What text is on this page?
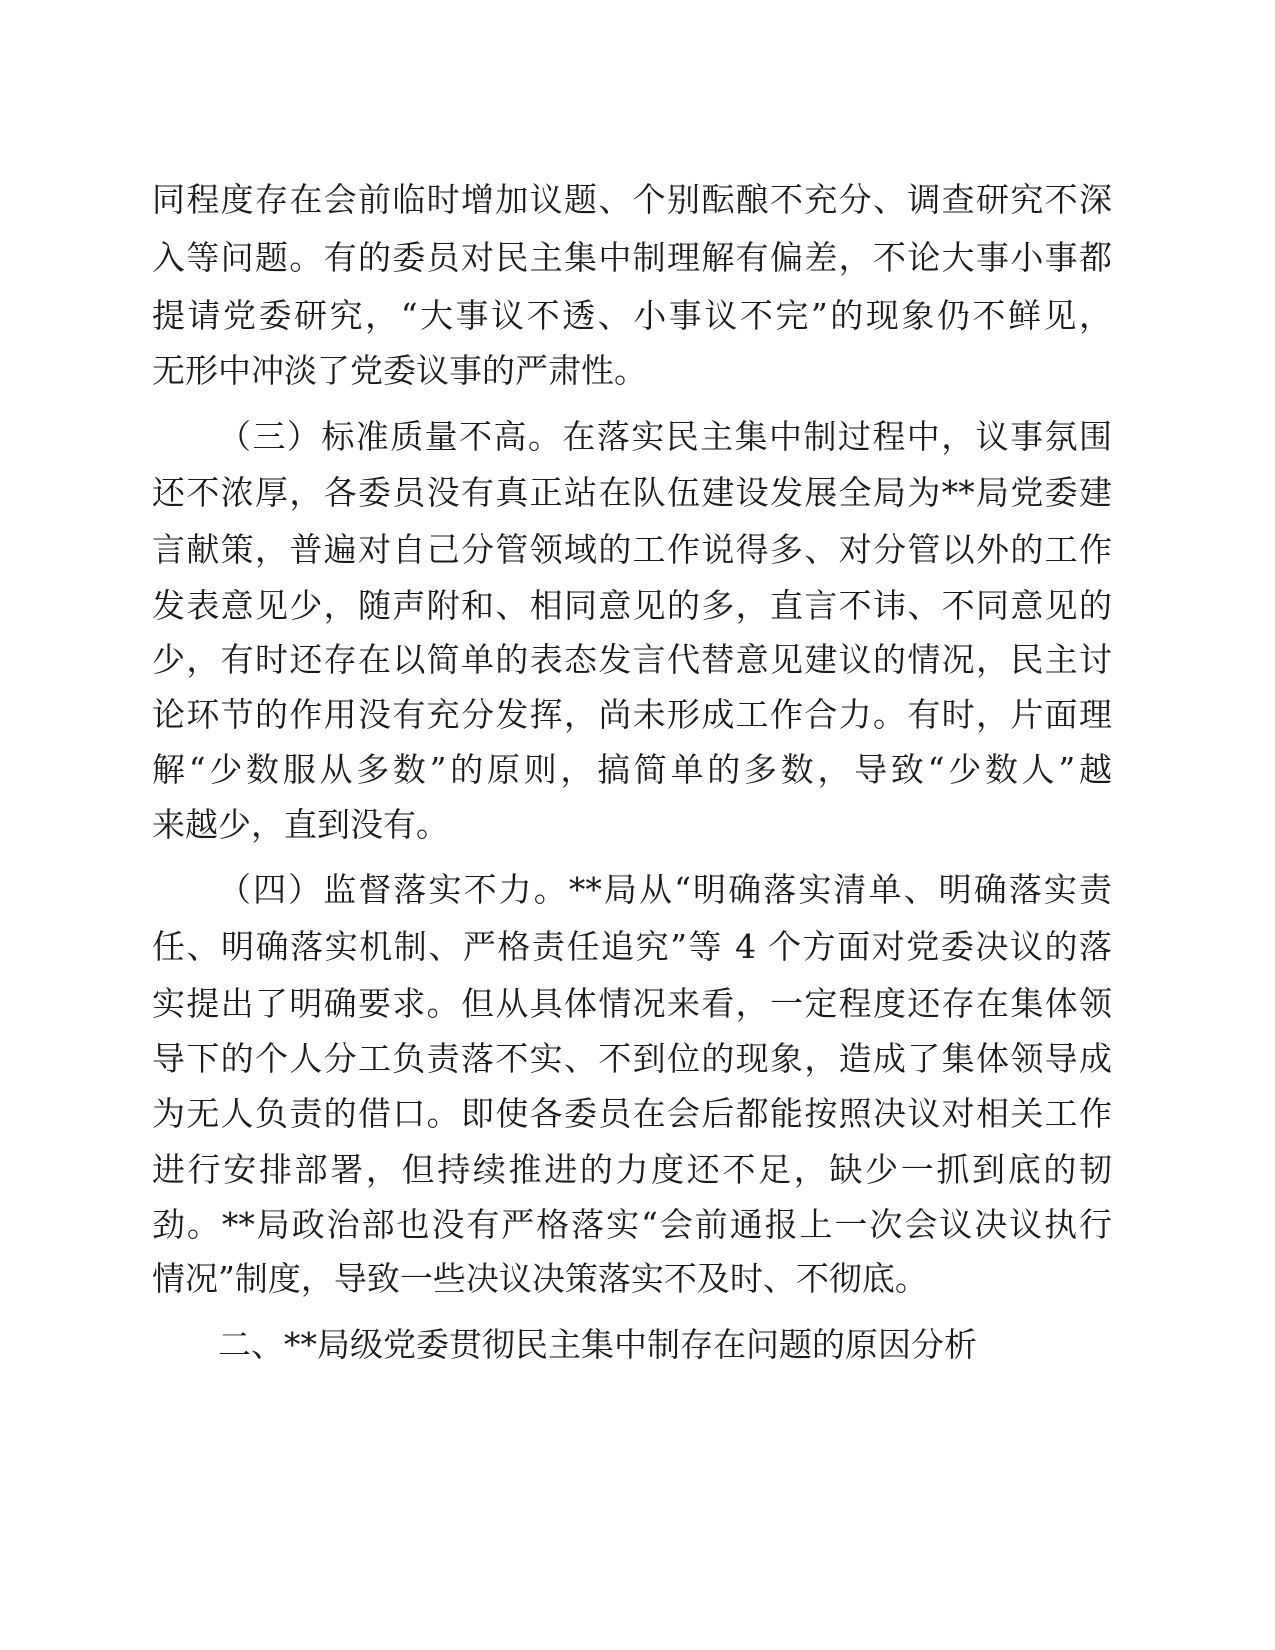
同程度存在会前临时增加议题、个别酝酿不充分、调查研究不深
入等问题。有的委员对民主集中制理解有偏差，不论大事小事都
提请党委研究，“大事议不透、小事议不完”的现象仍不鲜见，
无形中冲淡了党委议事的严肃性。
（三）标准质量不高。在落实民主集中制过程中，议事氛围
还不浓厚，各委员没有真正站在队伍建设发展全局为**局党委建
言献策，普遍对自己分管领域的工作说得多、对分管以外的工作
发表意见少，随声附和、相同意见的多，直言不讳、不同意见的
少，有时还存在以简单的表态发言代替意见建议的情况，民主讨
论环节的作用没有充分发挥，尚未形成工作合力。有时，片面理
解“少数服从多数”的原则，搞简单的多数，导致“少数人”越
来越少，直到没有。
（四）监督落实不力。**局从“明确落实清单、明确落实责
任、明确落实机制、严格责任追究”等 4 个方面对党委决议的落
实提出了明确要求。但从具体情况来看，一定程度还存在集体领
导下的个人分工负责落不实、不到位的现象，造成了集体领导成
为无人负责的借口。即使各委员在会后都能按照决议对相关工作
进行安排部署，但持续推进的力度还不足，缺少一抓到底的韧
劲。**局政治部也没有严格落实“会前通报上一次会议决议执行
情况”制度，导致一些决议决策落实不及时、不彻底。
二、**局级党委贯彻民主集中制存在问题的原因分析
